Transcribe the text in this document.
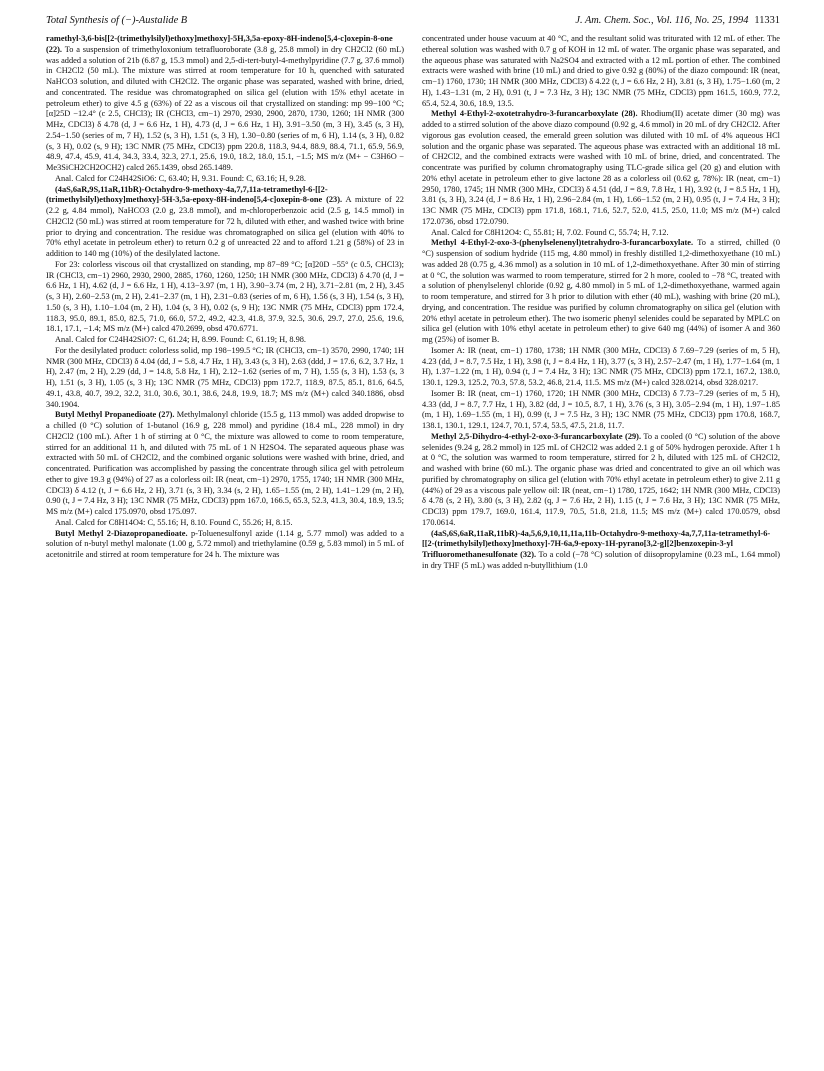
Total Synthesis of (−)-Austalide B	J. Am. Chem. Soc., Vol. 116, No. 25, 1994 11331

ramethyl-3,6-bis[[2-(trimethylsilyl)ethoxy]methoxy]-5H,3,5a-epoxy-8H-indeno[5,4-c]oxepin-8-one (22). To a suspension of trimethyloxonium tetrafluoroborate (3.8 g, 25.8 mmol) in dry CH2Cl2 (60 mL) was added a solution of 21b (6.87 g, 15.3 mmol) and 2,5-di-tert-butyl-4-methylpyridine (7.7 g, 37.6 mmol) in CH2Cl2 (50 mL). The mixture was stirred at room temperature for 10 h, quenched with saturated NaHCO3 solution, and diluted with CH2Cl2. The organic phase was separated, washed with brine, dried, and concentrated. The residue was chromatographed on silica gel (elution with 15% ethyl acetate in petroleum ether) to give 4.5 g (63%) of 22 as a viscous oil that crystallized on standing: mp 99−100 °C; [α]25D −12.4° (c 2.5, CHCl3); IR (CHCl3, cm−1) 2970, 2930, 2900, 2870, 1730, 1260; 1H NMR (300 MHz, CDCl3) δ 4.78 (d, J = 6.6 Hz, 1 H), 4.73 (d, J = 6.6 Hz, 1 H), 3.91−3.50 (m, 3 H), 3.45 (s, 3 H), 2.54−1.50 (series of m, 7 H), 1.52 (s, 3 H), 1.51 (s, 3 H), 1.30−0.80 (series of m, 6 H), 1.14 (s, 3 H), 0.82 (s, 3 H), 0.02 (s, 9 H); 13C NMR (75 MHz, CDCl3) ppm 220.8, 118.3, 94.4, 88.9, 88.4, 71.1, 65.9, 56.9, 48.9, 47.4, 45.9, 41.4, 34.3, 33.4, 32.3, 27.1, 25.6, 19.0, 18.2, 18.0, 15.1, −1.5; MS m/z (M+ − C3H6O − Me3SiCH2CH2OCH2) calcd 265.1439, obsd 265.1489.

Anal. Calcd for C24H42SiO6: C, 63.40; H, 9.31. Found: C, 63.16; H, 9.28.

(4aS,6aR,9S,11aR,11bR)-Octahydro-9-methoxy-4a,7,7,11a-tetramethyl-6-[[2-(trimethylsilyl)ethoxy]methoxy]-5H-3,5a-epoxy-8H-indeno[5,4-c]oxepin-8-one (23). A mixture of 22 (2.2 g, 4.84 mmol), NaHCO3 (2.0 g, 23.8 mmol), and m-chloroperbenzoic acid (2.5 g, 14.5 mmol) in CH2Cl2 (50 mL) was stirred at room temperature for 72 h, diluted with ether, and washed twice with brine prior to drying and concentration. The residue was chromatographed on silica gel (elution with 40% to 70% ethyl acetate in petroleum ether) to return 0.2 g of unreacted 22 and to afford 1.21 g (58%) of 23 in addition to 140 mg (10%) of the desilylated lactone.

For 23: colorless viscous oil that crystallized on standing, mp 87−89 °C; [α]20D −55° (c 0.5, CHCl3); IR (CHCl3, cm−1) 2960, 2930, 2900, 2885, 1760, 1260, 1250; 1H NMR (300 MHz, CDCl3) δ 4.70 (d, J = 6.6 Hz, 1 H), 4.62 (d, J = 6.6 Hz, 1 H), 4.13−3.97 (m, 1 H), 3.90−3.74 (m, 2 H), 3.71−2.81 (m, 2 H), 3.45 (s, 3 H), 2.60−2.53 (m, 2 H), 2.41−2.37 (m, 1 H), 2.31−0.83 (series of m, 6 H), 1.56 (s, 3 H), 1.54 (s, 3 H), 1.50 (s, 3 H), 1.10−1.04 (m, 2 H), 1.04 (s, 3 H), 0.02 (s, 9 H); 13C NMR (75 MHz, CDCl3) ppm 172.4, 118.3, 95.0, 89.1, 85.0, 82.5, 71.0, 66.0, 57.2, 49.2, 42.3, 41.8, 37.9, 32.5, 30.6, 29.7, 27.0, 25.6, 19.6, 18.1, 17.1, −1.4; MS m/z (M+) calcd 470.2699, obsd 470.6771.

Anal. Calcd for C24H42SiO7: C, 61.24; H, 8.99. Found: C, 61.19; H, 8.98.

For the desilylated product: colorless solid, mp 198−199.5 °C; IR (CHCl3, cm−1) 3570, 2990, 1740; 1H NMR (300 MHz, CDCl3) δ 4.04 (dd, J = 5.8, 4.7 Hz, 1 H), 3.43 (s, 3 H), 2.63 (ddd, J = 17.6, 6.2, 3.7 Hz, 1 H), 2.47 (m, 2 H), 2.29 (dd, J = 14.8, 5.8 Hz, 1 H), 2.12−1.62 (series of m, 7 H), 1.55 (s, 3 H), 1.53 (s, 3 H), 1.51 (s, 3 H), 1.05 (s, 3 H); 13C NMR (75 MHz, CDCl3) ppm 172.7, 118.9, 87.5, 85.1, 81.6, 64.5, 49.1, 43.8, 40.7, 39.2, 32.2, 31.0, 30.6, 30.1, 38.6, 24.8, 19.9, 18.7; MS m/z (M+) calcd 340.1886, obsd 340.1904.

Butyl Methyl Propanedioate (27). Methylmalonyl chloride (15.5 g, 113 mmol) was added dropwise to a chilled (0 °C) solution of 1-butanol (16.9 g, 228 mmol) and pyridine (18.4 mL, 228 mmol) in dry CH2Cl2 (100 mL). After 1 h of stirring at 0 °C, the mixture was allowed to come to room temperature, stirred for an additional 11 h, and diluted with 75 mL of 1 N H2SO4. The separated aqueous phase was extracted with 50 mL of CH2Cl2, and the combined organic solutions were washed with brine, dried, and concentrated. Purification was accomplished by passing the concentrate through silica gel with petroleum ether to give 19.3 g (94%) of 27 as a colorless oil: IR (neat, cm−1) 2970, 1755, 1740; 1H NMR (300 MHz, CDCl3) δ 4.12 (t, J = 6.6 Hz, 2 H), 3.71 (s, 3 H), 3.34 (s, 2 H), 1.65−1.55 (m, 2 H), 1.41−1.29 (m, 2 H), 0.90 (t, J = 7.4 Hz, 3 H); 13C NMR (75 MHz, CDCl3) ppm 167.0, 166.5, 65.3, 52.3, 41.3, 30.4, 18.9, 13.5; MS m/z (M+) calcd 175.0970, obsd 175.097.

Anal. Calcd for C8H14O4: C, 55.16; H, 8.10. Found C, 55.26; H, 8.15.

Butyl Methyl 2-Diazopropanedioate. p-Toluenesulfonyl azide (1.14 g, 5.77 mmol) was added to a solution of n-butyl methyl malonate (1.00 g, 5.72 mmol) and triethylamine (0.59 g, 5.83 mmol) in 5 mL of acetonitrile and stirred at room temperature for 24 h. The mixture was

concentrated under house vacuum at 40 °C, and the resultant solid was triturated with 12 mL of ether. The ethereal solution was washed with 0.7 g of KOH in 12 mL of water. The organic phase was separated, and the aqueous phase was saturated with Na2SO4 and extracted with a 12 mL portion of ether. The combined extracts were washed with brine (10 mL) and dried to give 0.92 g (80%) of the diazo compound: IR (neat, cm−1) 1760, 1730; 1H NMR (300 MHz, CDCl3) δ 4.22 (t, J = 6.6 Hz, 2 H), 3.81 (s, 3 H), 1.75−1.60 (m, 2 H), 1.43−1.31 (m, 2 H), 0.91 (t, J = 7.3 Hz, 3 H); 13C NMR (75 MHz, CDCl3) ppm 161.5, 160.9, 77.2, 65.4, 52.4, 30.6, 18.9, 13.5.

Methyl 4-Ethyl-2-oxotetrahydro-3-furancarboxylate (28). Rhodium(II) acetate dimer (30 mg) was added to a stirred solution of the above diazo compound (0.92 g, 4.6 mmol) in 20 mL of dry CH2Cl2. After vigorous gas evolution ceased, the emerald green solution was diluted with 10 mL of 4% aqueous HCl solution and the organic phase was separated. The aqueous phase was extracted with an additional 18 mL of CH2Cl2, and the combined extracts were washed with 10 mL of brine, dried, and concentrated. The concentrate was purified by column chromatography using TLC-grade silica gel (20 g) and elution with 20% ethyl acetate in petroleum ether to give lactone 28 as a colorless oil (0.62 g, 78%): IR (neat, cm−1) 2950, 1780, 1745; 1H NMR (300 MHz, CDCl3) δ 4.51 (dd, J = 8.9, 7.8 Hz, 1 H), 3.92 (t, J = 8.5 Hz, 1 H), 3.81 (s, 3 H), 3.24 (d, J = 8.6 Hz, 1 H), 2.96−2.84 (m, 1 H), 1.66−1.52 (m, 2 H), 0.95 (t, J = 7.4 Hz, 3 H); 13C NMR (75 MHz, CDCl3) ppm 171.8, 168.1, 71.6, 52.7, 52.0, 41.5, 25.0, 11.0; MS m/z (M+) calcd 172.0736, obsd 172.0790.

Anal. Calcd for C8H12O4: C, 55.81; H, 7.02. Found C, 55.74; H, 7.12.

Methyl 4-Ethyl-2-oxo-3-(phenylselenenyl)tetrahydro-3-furancarboxylate. To a stirred, chilled (0 °C) suspension of sodium hydride (115 mg, 4.80 mmol) in freshly distilled 1,2-dimethoxyethane (10 mL) was added 28 (0.75 g, 4.36 mmol) as a solution in 10 mL of 1,2-dimethoxyethane. After 30 min of stirring at 0 °C, the solution was warmed to room temperature, stirred for 2 h more, cooled to −78 °C, treated with a solution of phenylselenyl chloride (0.92 g, 4.80 mmol) in 5 mL of 1,2-dimethoxyethane, warmed again to room temperature, and stirred for 3 h prior to dilution with ether (40 mL), washing with brine (20 mL), drying, and concentration. The residue was purified by column chromatography on silica gel (elution with 20% ethyl acetate in petroleum ether). The two isomeric phenyl selenides could be separated by MPLC on silica gel (elution with 10% ethyl acetate in petroleum ether) to give 640 mg (44%) of isomer A and 360 mg (25%) of isomer B.

Isomer A: IR (neat, cm−1) 1780, 1738; 1H NMR (300 MHz, CDCl3) δ 7.69−7.29 (series of m, 5 H), 4.23 (dd, J = 8.7, 7.5 Hz, 1 H), 3.98 (t, J = 8.4 Hz, 1 H), 3.77 (s, 3 H), 2.57−2.47 (m, 1 H), 1.77−1.64 (m, 1 H), 1.37−1.22 (m, 1 H), 0.94 (t, J = 7.4 Hz, 3 H); 13C NMR (75 MHz, CDCl3) ppm 172.1, 167.2, 138.0, 130.1, 129.3, 125.2, 70.3, 57.8, 53.2, 46.8, 21.4, 11.5. MS m/z (M+) calcd 328.0214, obsd 328.0217.

Isomer B: IR (neat, cm−1) 1760, 1720; 1H NMR (300 MHz, CDCl3) δ 7.73−7.29 (series of m, 5 H), 4.33 (dd, J = 8.7, 7.7 Hz, 1 H), 3.82 (dd, J = 10.5, 8.7, 1 H), 3.76 (s, 3 H), 3.05−2.94 (m, 1 H), 1.97−1.85 (m, 1 H), 1.69−1.55 (m, 1 H), 0.99 (t, J = 7.5 Hz, 3 H); 13C NMR (75 MHz, CDCl3) ppm 170.8, 168.7, 138.1, 130.1, 129.1, 124.7, 70.1, 57.4, 53.5, 47.5, 21.8, 11.7.

Methyl 2,5-Dihydro-4-ethyl-2-oxo-3-furancarboxylate (29). To a cooled (0 °C) solution of the above selenides (9.24 g, 28.2 mmol) in 125 mL of CH2Cl2 was added 2.1 g of 50% hydrogen peroxide. After 1 h at 0 °C, the solution was warmed to room temperature, stirred for 2 h, diluted with 125 mL of CH2Cl2, and washed with brine (60 mL). The organic phase was dried and concentrated to give an oil which was purified by chromatography on silica gel (elution with 70% ethyl acetate in petroleum ether) to give 2.11 g (44%) of 29 as a viscous pale yellow oil: IR (neat, cm−1) 1780, 1725, 1642; 1H NMR (300 MHz, CDCl3) δ 4.78 (s, 2 H), 3.80 (s, 3 H), 2.82 (q, J = 7.6 Hz, 2 H), 1.15 (t, J = 7.6 Hz, 3 H); 13C NMR (75 MHz, CDCl3) ppm 179.7, 169.0, 161.4, 117.9, 70.5, 51.8, 21.8, 11.5; MS m/z (M+) calcd 170.0579, obsd 170.0614.

(4aS,6S,6aR,11aR,11bR)-4a,5,6,9,10,11,11a,11b-Octahydro-9-methoxy-4a,7,7,11a-tetramethyl-6-[[2-(trimethylsilyl)ethoxy]methoxy]-7H-6a,9-epoxy-1H-pyrano[3,2-g][2]benzoxepin-3-yl Trifluoromethanesulfonate (32). To a cold (−78 °C) solution of diisopropylamine (0.23 mL, 1.64 mmol) in dry THF (5 mL) was added n-butyllithium (1.0
